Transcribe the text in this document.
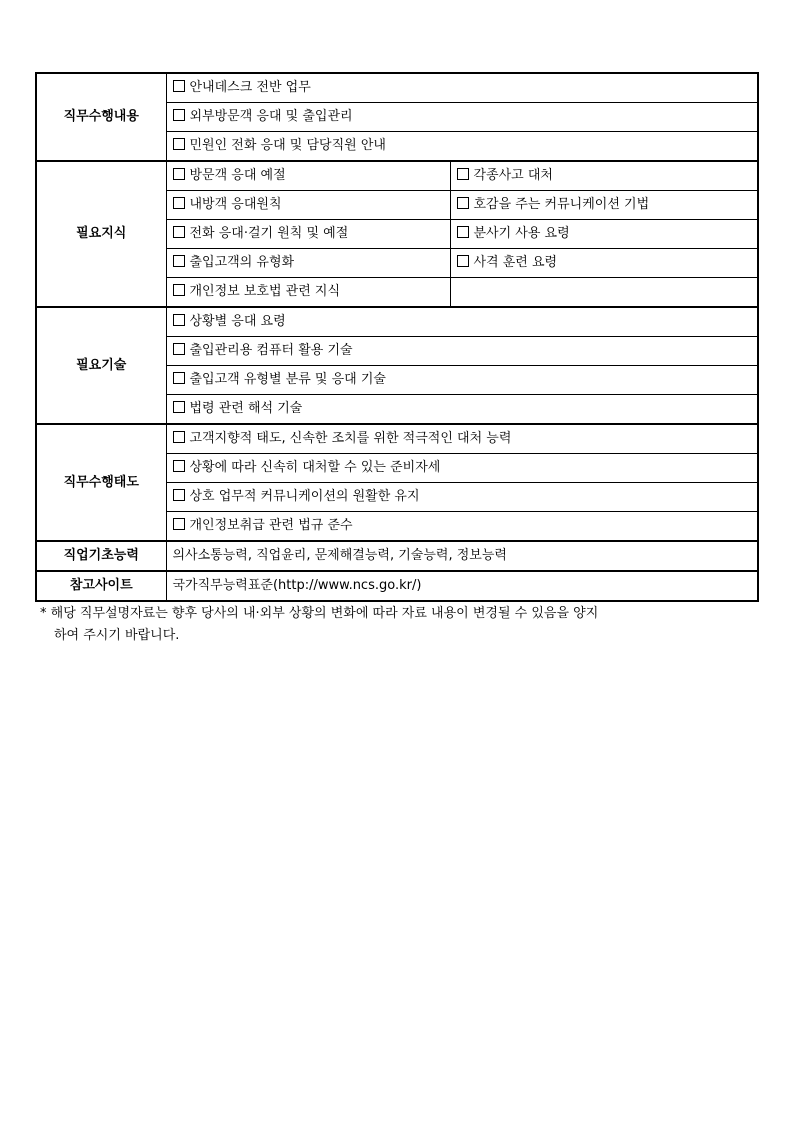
직무수행내용	안내데스크 전반 업무	
	외부방문객 응대 및 출입관리	
	민원인 전화 응대 및 담당직원 안내	
필요지식	방문객 응대 예절	각종사고 대처
	내방객 응대원칙	호감을 주는 커뮤니케이션 기법
	전화 응대·걸기 원칙 및 예절	분사기 사용 요령
	출입고객의 유형화	사격 훈련 요령
	개인정보 보호법 관련 지식	
필요기술	상황별 응대 요령	
	출입관리용 컴퓨터 활용 기술	
	출입고객 유형별 분류 및 응대 기술	
	법령 관련 해석 기술	
직무수행태도	고객지향적 태도, 신속한 조치를 위한 적극적인 대처 능력	
	상황에 따라 신속히 대처할 수 있는 준비자세	
	상호 업무적 커뮤니케이션의 원활한 유지	
	개인정보취급 관련 법규 준수	
직업기초능력	의사소통능력, 직업윤리, 문제해결능력, 기술능력, 정보능력	
참고사이트	국가직무능력표준(http://www.ncs.go.kr/)	
* 해당 직무설명자료는 향후 당사의 내·외부 상황의 변화에 따라 자료 내용이 변경될 수 있음을 양지
하여 주시기 바랍니다.
